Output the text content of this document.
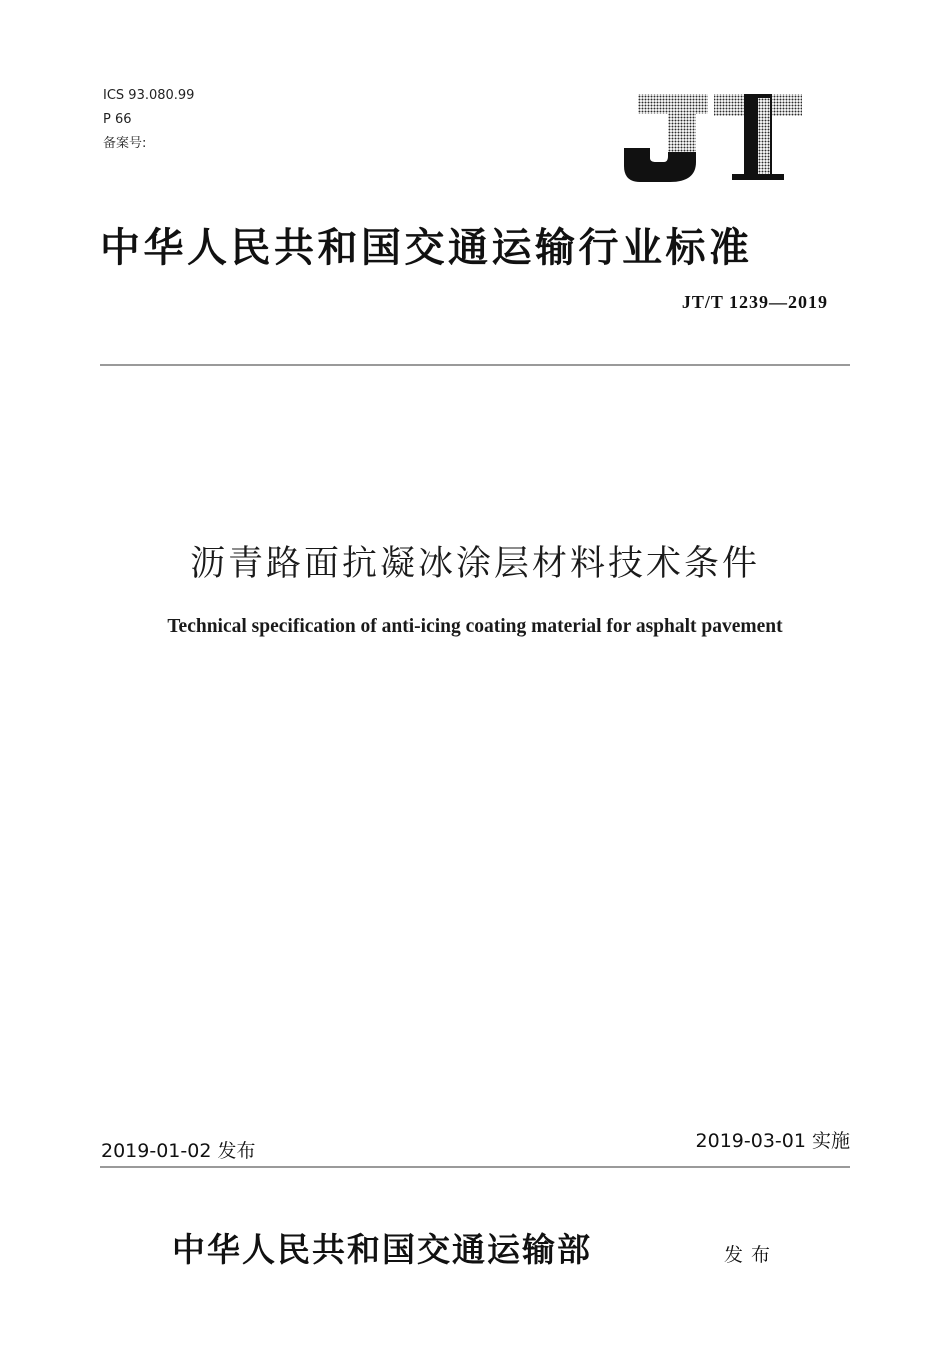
ICS 93.080.99
P 66
备案号:
中华人民共和国交通运输行业标准
JT/T 1239—2019
沥青路面抗凝冰涂层材料技术条件
Technical specification of anti-icing coating material for asphalt pavement
2019-03-01 实施
2019-01-02 发布
中华人民共和国交通运输部	发布
